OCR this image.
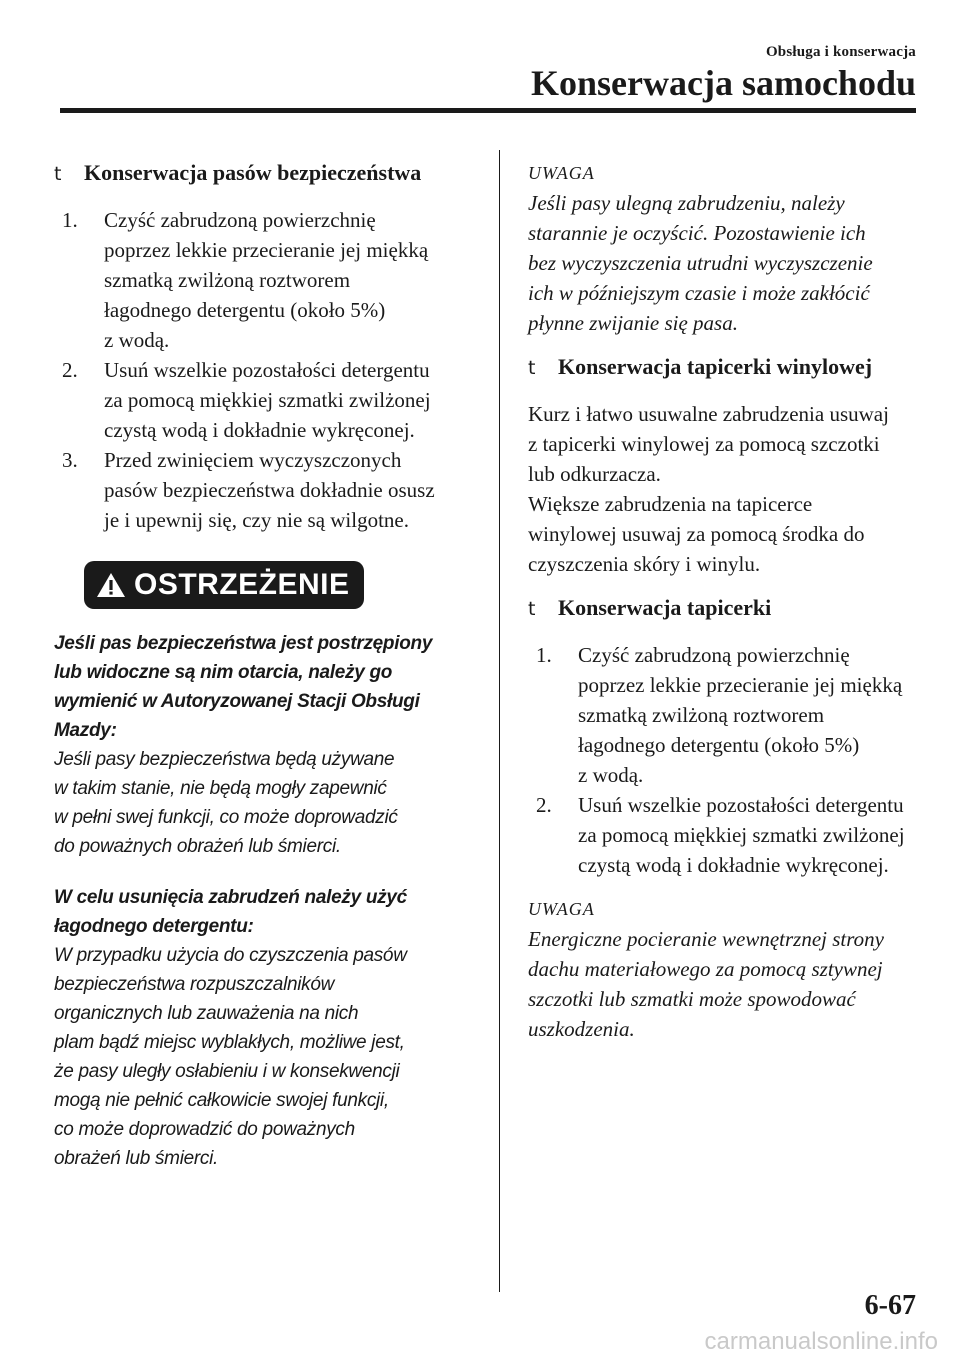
Obsługa i konserwacja
Konserwacja samochodu
t	Konserwacja pasów bezpieczeństwa
1.	Czyść zabrudzoną powierzchnię
poprzez lekkie przecieranie jej miękką
szmatką zwilżoną roztworem
łagodnego detergentu (około 5%)
z wodą.
2.	Usuń wszelkie pozostałości detergentu
za pomocą miękkiej szmatki zwilżonej
czystą wodą i dokładnie wykręconej.
3.	Przed zwinięciem wyczyszczonych
pasów bezpieczeństwa dokładnie osusz
je i upewnij się, czy nie są wilgotne.
OSTRZEŻENIE
Jeśli pas bezpieczeństwa jest postrzępiony
lub widoczne są nim otarcia, należy go
wymienić w Autoryzowanej Stacji Obsługi
Mazdy:
Jeśli pasy bezpieczeństwa będą używane
w takim stanie, nie będą mogły zapewnić
w pełni swej funkcji, co może doprowadzić
do poważnych obrażeń lub śmierci.
W celu usunięcia zabrudzeń należy użyć
łagodnego detergentu:
W przypadku użycia do czyszczenia pasów
bezpieczeństwa rozpuszczalników
organicznych lub zauważenia na nich
plam bądź miejsc wyblakłych, możliwe jest,
że pasy uległy osłabieniu i w konsekwencji
mogą nie pełnić całkowicie swojej funkcji,
co może doprowadzić do poważnych
obrażeń lub śmierci.
UWAGA
Jeśli pasy ulegną zabrudzeniu, należy
starannie je oczyścić. Pozostawienie ich
bez wyczyszczenia utrudni wyczyszczenie
ich w późniejszym czasie i może zakłócić
płynne zwijanie się pasa.
t	Konserwacja tapicerki winylowej
Kurz i łatwo usuwalne zabrudzenia usuwaj
z tapicerki winylowej za pomocą szczotki
lub odkurzacza.
Większe zabrudzenia na tapicerce
winylowej usuwaj za pomocą środka do
czyszczenia skóry i winylu.
t	Konserwacja tapicerki
1.	Czyść zabrudzoną powierzchnię
poprzez lekkie przecieranie jej miękką
szmatką zwilżoną roztworem
łagodnego detergentu (około 5%)
z wodą.
2.	Usuń wszelkie pozostałości detergentu
za pomocą miękkiej szmatki zwilżonej
czystą wodą i dokładnie wykręconej.
UWAGA
Energiczne pocieranie wewnętrznej strony
dachu materiałowego za pomocą sztywnej
szczotki lub szmatki może spowodować
uszkodzenia.
6-67
carmanualsonline.info
